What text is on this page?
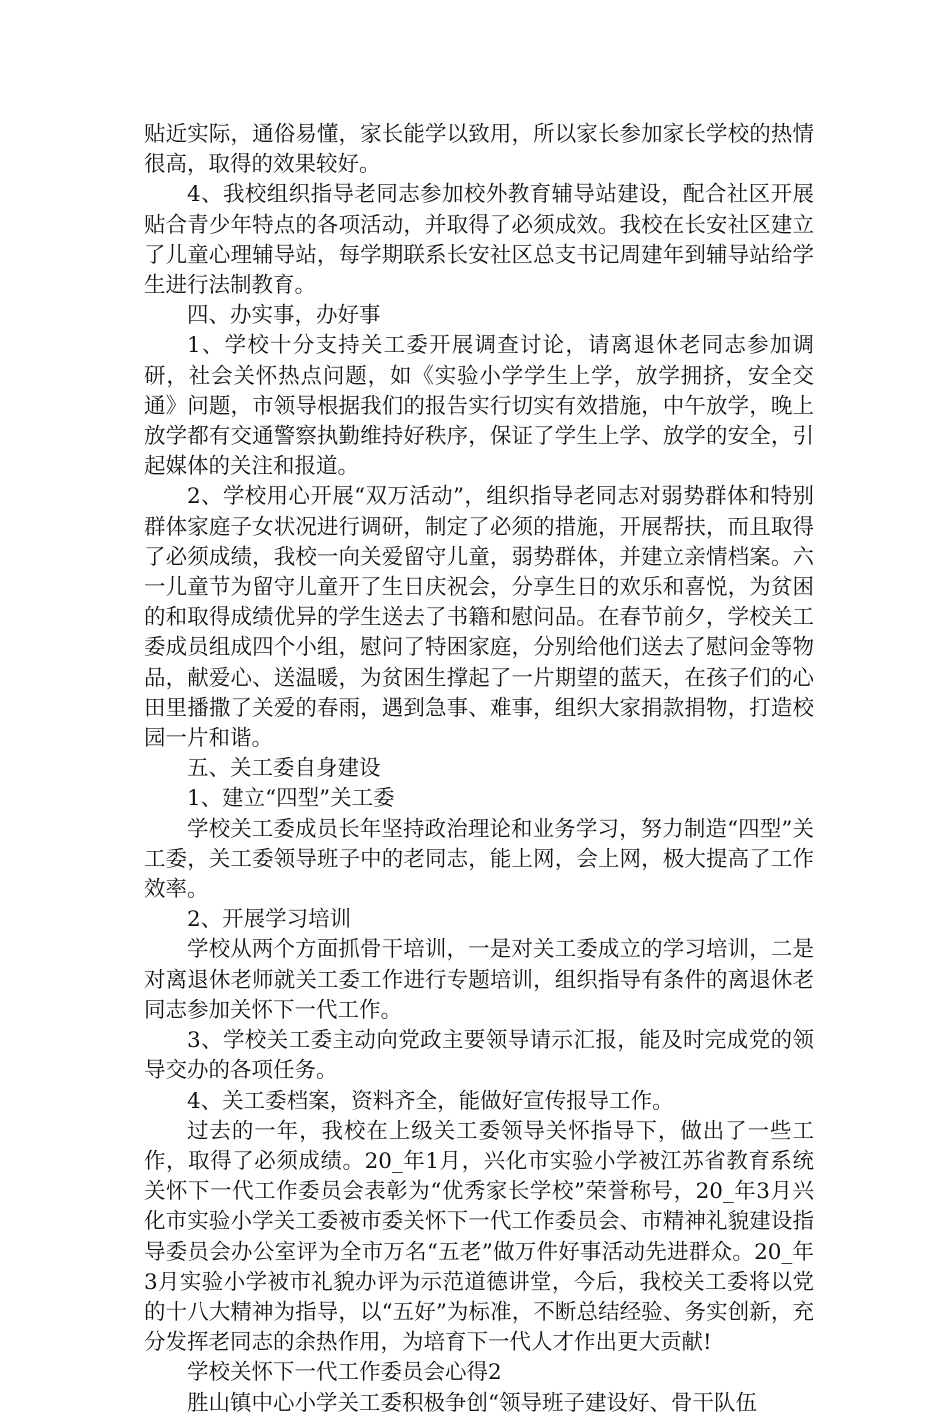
贴近实际，通俗易懂，家长能学以致用，所以家长参加家长学校的热情很高，取得的效果较好。

4、我校组织指导老同志参加校外教育辅导站建设，配合社区开展贴合青少年特点的各项活动，并取得了必须成效。我校在长安社区建立了儿童心理辅导站，每学期联系长安社区总支书记周建年到辅导站给学生进行法制教育。

四、办实事，办好事

1、学校十分支持关工委开展调查讨论，请离退休老同志参加调研，社会关怀热点问题，如《实验小学学生上学，放学拥挤，安全交通》问题，市领导根据我们的报告实行切实有效措施，中午放学，晚上放学都有交通警察执勤维持好秩序，保证了学生上学、放学的安全，引起媒体的关注和报道。

2、学校用心开展“双万活动”，组织指导老同志对弱势群体和特别群体家庭子女状况进行调研，制定了必须的措施，开展帮扶，而且取得了必须成绩，我校一向关爱留守儿童，弱势群体，并建立亲情档案。六一儿童节为留守儿童开了生日庆祝会，分享生日的欢乐和喜悦，为贫困的和取得成绩优异的学生送去了书籍和慰问品。在春节前夕，学校关工委成员组成四个小组，慰问了特困家庭，分别给他们送去了慰问金等物品，献爱心、送温暖，为贫困生撑起了一片期望的蓝天，在孩子们的心田里播撒了关爱的春雨，遇到急事、难事，组织大家捐款捐物，打造校园一片和谐。

五、关工委自身建设

1、建立“四型”关工委

学校关工委成员长年坚持政治理论和业务学习，努力制造“四型”关工委，关工委领导班子中的老同志，能上网，会上网，极大提高了工作效率。

2、开展学习培训

学校从两个方面抓骨干培训，一是对关工委成立的学习培训，二是对离退休老师就关工委工作进行专题培训，组织指导有条件的离退休老同志参加关怀下一代工作。

3、学校关工委主动向党政主要领导请示汇报，能及时完成党的领导交办的各项任务。

4、关工委档案，资料齐全，能做好宣传报导工作。

过去的一年，我校在上级关工委领导关怀指导下，做出了一些工作，取得了必须成绩。20_年1月，兴化市实验小学被江苏省教育系统关怀下一代工作委员会表彰为“优秀家长学校”荣誉称号，20_年3月兴化市实验小学关工委被市委关怀下一代工作委员会、市精神礼貌建设指导委员会办公室评为全市万名“五老”做万件好事活动先进群众。20_年3月实验小学被市礼貌办评为示范道德讲堂，今后，我校关工委将以党的十八大精神为指导，以“五好”为标准，不断总结经验、务实创新，充分发挥老同志的余热作用，为培育下一代人才作出更大贡献!

学校关怀下一代工作委员会心得2

胜山镇中心小学关工委积极争创“领导班子建设好、骨干队伍
